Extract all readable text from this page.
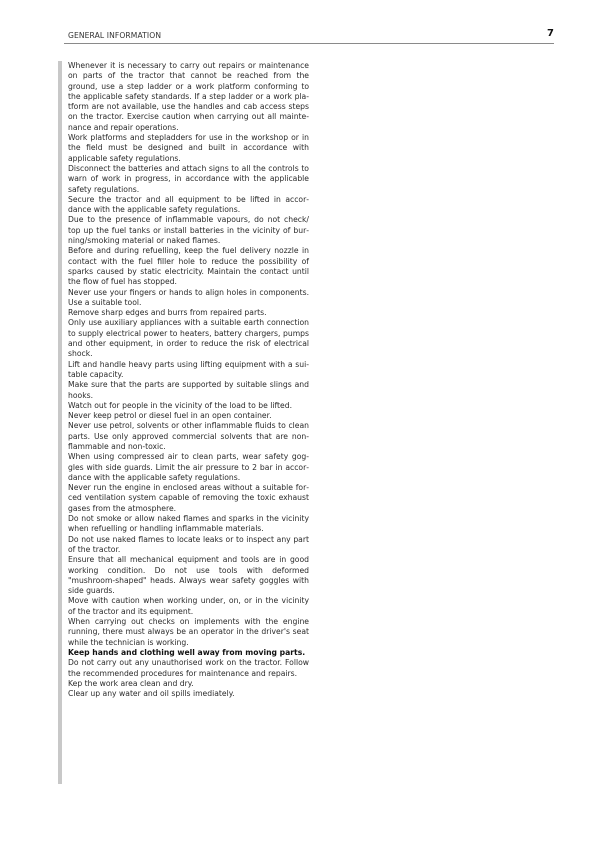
GENERAL INFORMATION	7

Whenever it is necessary to carry out repairs or maintenance on parts of the tractor that cannot be reached from the ground, use a step ladder or a work platform conforming to the applicable safety standards. If a step ladder or a work platform are not available, use the handles and cab access steps on the tractor. Exercise caution when carrying out all maintenance and repair operations.

Work platforms and stepladders for use in the workshop or in the field must be designed and built in accordance with applicable safety regulations.

Disconnect the batteries and attach signs to all the controls to warn of work in progress, in accordance with the applicable safety regulations.

Secure the tractor and all equipment to be lifted in accordance with the applicable safety regulations.

Due to the presence of inflammable vapours, do not check/ top up the fuel tanks or install batteries in the vicinity of burning/smoking material or naked flames.

Before and during refuelling, keep the fuel delivery nozzle in contact with the fuel filler hole to reduce the possibility of sparks caused by static electricity. Maintain the contact until the flow of fuel has stopped.

Never use your fingers or hands to align holes in components. Use a suitable tool.

Remove sharp edges and burrs from repaired parts.

Only use auxiliary appliances with a suitable earth connection to supply electrical power to heaters, battery chargers, pumps and other equipment, in order to reduce the risk of electrical shock.

Lift and handle heavy parts using lifting equipment with a suitable capacity.

Make sure that the parts are supported by suitable slings and hooks.

Watch out for people in the vicinity of the load to be lifted.

Never keep petrol or diesel fuel in an open container.

Never use petrol, solvents or other inflammable fluids to clean parts. Use only approved commercial solvents that are non-flammable and non-toxic.

When using compressed air to clean parts, wear safety goggles with side guards. Limit the air pressure to 2 bar in accordance with the applicable safety regulations.

Never run the engine in enclosed areas without a suitable forced ventilation system capable of removing the toxic exhaust gases from the atmosphere.

Do not smoke or allow naked flames and sparks in the vicinity when refuelling or handling inflammable materials.

Do not use naked flames to locate leaks or to inspect any part of the tractor.

Ensure that all mechanical equipment and tools are in good working condition. Do not use tools with deformed "mushroom-shaped" heads. Always wear safety goggles with side guards.

Move with caution when working under, on, or in the vicinity of the tractor and its equipment.

When carrying out checks on implements with the engine running, there must always be an operator in the driver's seat while the technician is working.

Keep hands and clothing well away from moving parts.

Do not carry out any unauthorised work on the tractor. Follow the recommended procedures for maintenance and repairs.

Kep the work area clean and dry.

Clear up any water and oil spills imediately.
